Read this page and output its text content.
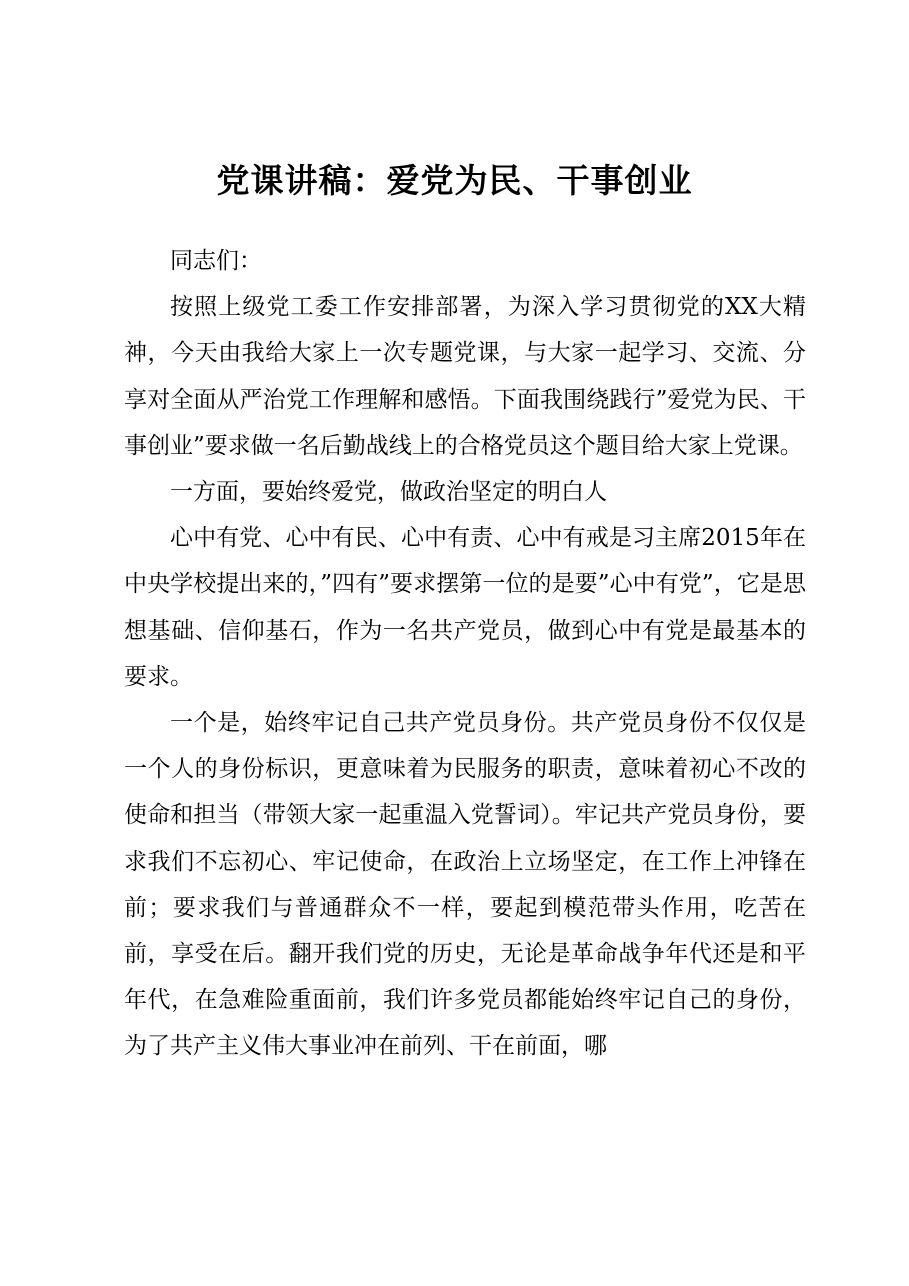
党课讲稿：爱党为民、干事创业

同志们：

按照上级党工委工作安排部署，为深入学习贯彻党的XX大精神，今天由我给大家上一次专题党课，与大家一起学习、交流、分享对全面从严治党工作理解和感悟。下面我围绕践行”爱党为民、干事创业”要求做一名后勤战线上的合格党员这个题目给大家上党课。

一方面，要始终爱党，做政治坚定的明白人

心中有党、心中有民、心中有责、心中有戒是习主席2015年在中央学校提出来的，”四有”要求摆第一位的是要”心中有党”，它是思想基础、信仰基石，作为一名共产党员，做到心中有党是最基本的要求。

一个是，始终牢记自己共产党员身份。共产党员身份不仅仅是一个人的身份标识，更意味着为民服务的职责，意味着初心不改的使命和担当（带领大家一起重温入党誓词）。牢记共产党员身份，要求我们不忘初心、牢记使命，在政治上立场坚定，在工作上冲锋在前；要求我们与普通群众不一样，要起到模范带头作用，吃苦在前，享受在后。翻开我们党的历史，无论是革命战争年代还是和平年代，在急难险重面前，我们许多党员都能始终牢记自己的身份，为了共产主义伟大事业冲在前列、干在前面，哪
